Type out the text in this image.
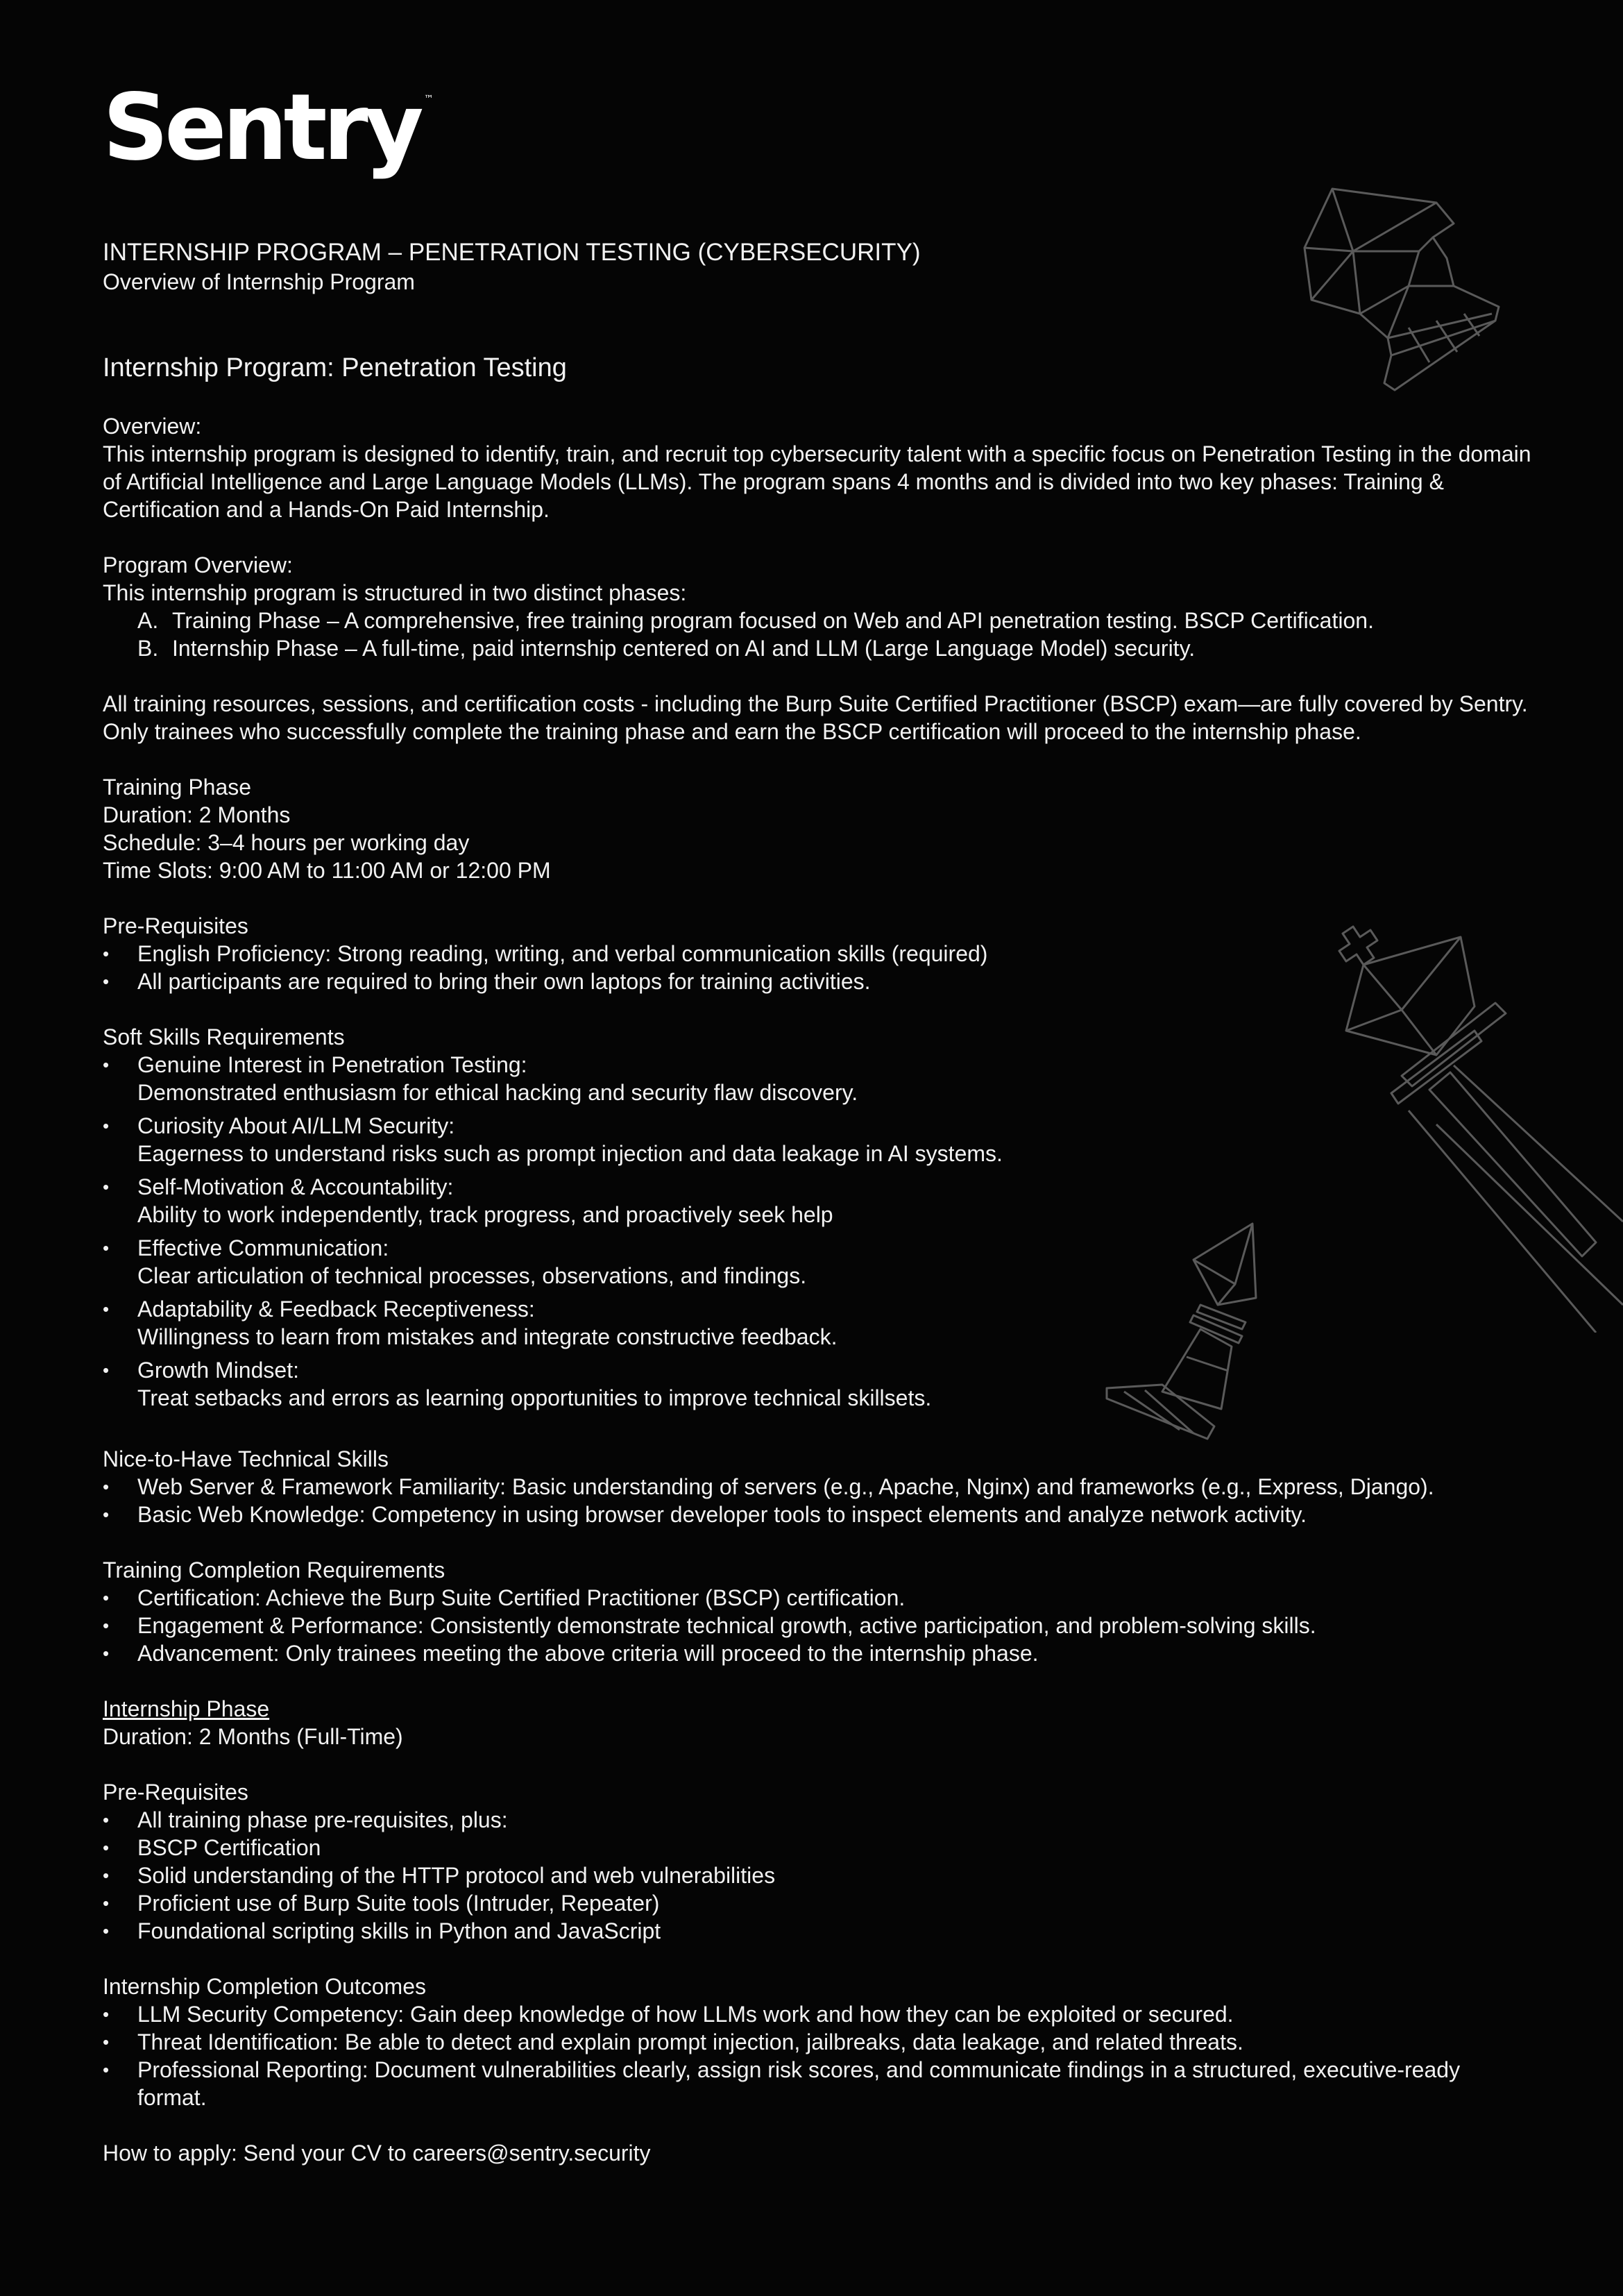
Sentry ™

INTERNSHIP PROGRAM – PENETRATION TESTING (CYBERSECURITY)

Overview of Internship Program

Internship Program: Penetration Testing

Overview:

This internship program is designed to identify, train, and recruit top cybersecurity talent with a specific focus on Penetration Testing in the domain of Artificial Intelligence and Large Language Models (LLMs). The program spans 4 months and is divided into two key phases: Training & Certification and a Hands-On Paid Internship.

Program Overview:

This internship program is structured in two distinct phases:

A. Training Phase – A comprehensive, free training program focused on Web and API penetration testing. BSCP Certification.
B. Internship Phase – A full-time, paid internship centered on AI and LLM (Large Language Model) security.

All training resources, sessions, and certification costs - including the Burp Suite Certified Practitioner (BSCP) exam—are fully covered by Sentry. Only trainees who successfully complete the training phase and earn the BSCP certification will proceed to the internship phase.

Training Phase

Duration: 2 Months

Schedule: 3–4 hours per working day

Time Slots: 9:00 AM to 11:00 AM or 12:00 PM

Pre-Requisites

• English Proficiency: Strong reading, writing, and verbal communication skills (required)
• All participants are required to bring their own laptops for training activities.

Soft Skills Requirements

• Genuine Interest in Penetration Testing:
Demonstrated enthusiasm for ethical hacking and security flaw discovery.
• Curiosity About AI/LLM Security:
Eagerness to understand risks such as prompt injection and data leakage in AI systems.
• Self-Motivation & Accountability:
Ability to work independently, track progress, and proactively seek help
• Effective Communication:
Clear articulation of technical processes, observations, and findings.
• Adaptability & Feedback Receptiveness:
Willingness to learn from mistakes and integrate constructive feedback.
• Growth Mindset:
Treat setbacks and errors as learning opportunities to improve technical skillsets.

Nice-to-Have Technical Skills

• Web Server & Framework Familiarity: Basic understanding of servers (e.g., Apache, Nginx) and frameworks (e.g., Express, Django).
• Basic Web Knowledge: Competency in using browser developer tools to inspect elements and analyze network activity.

Training Completion Requirements

• Certification: Achieve the Burp Suite Certified Practitioner (BSCP) certification.
• Engagement & Performance: Consistently demonstrate technical growth, active participation, and problem-solving skills.
• Advancement: Only trainees meeting the above criteria will proceed to the internship phase.

Internship Phase

Duration: 2 Months (Full-Time)

Pre-Requisites

• All training phase pre-requisites, plus:
• BSCP Certification
• Solid understanding of the HTTP protocol and web vulnerabilities
• Proficient use of Burp Suite tools (Intruder, Repeater)
• Foundational scripting skills in Python and JavaScript

Internship Completion Outcomes

• LLM Security Competency: Gain deep knowledge of how LLMs work and how they can be exploited or secured.
• Threat Identification: Be able to detect and explain prompt injection, jailbreaks, data leakage, and related threats.
• Professional Reporting: Document vulnerabilities clearly, assign risk scores, and communicate findings in a structured, executive-ready format.

How to apply: Send your CV to careers@sentry.security
